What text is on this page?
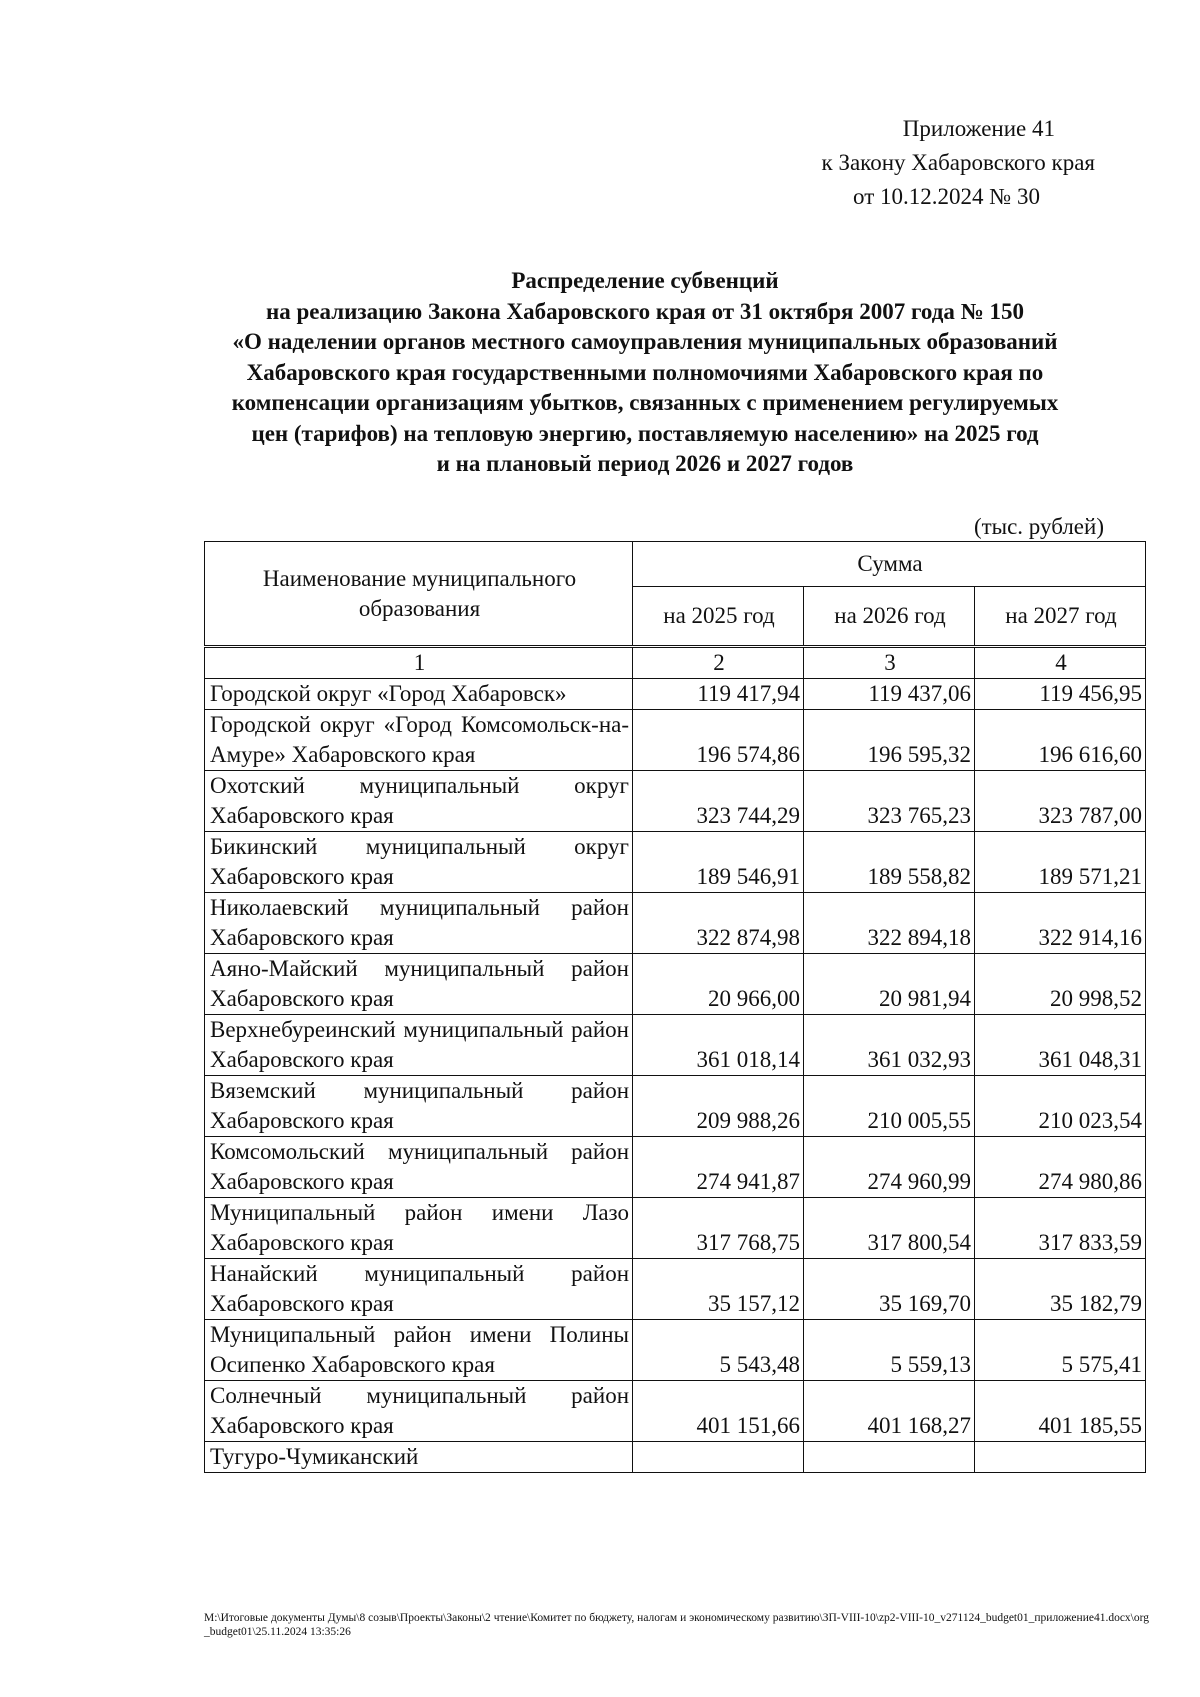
Приложение 41
к Закону Хабаровского края
от 10.12.2024 № 30
Распределение субвенций
на реализацию Закона Хабаровского края от 31 октября 2007 года № 150
«О наделении органов местного самоуправления муниципальных образований
Хабаровского края государственными полномочиями Хабаровского края по
компенсации организациям убытков, связанных с применением регулируемых
цен (тарифов) на тепловую энергию, поставляемую населению» на 2025 год
и на плановый период 2026 и 2027 годов
(тыс. рублей)
Наименование муниципального образования	Сумма		
	на 2025 год	на 2026 год	на 2027 год
1	2	3	4
Городской округ «Город Хабаровск»	119 417,94	119 437,06	119 456,95
Городской округ «Город Комсомольск-на-Амуре» Хабаровского края	196 574,86	196 595,32	196 616,60
Охотский муниципальный округ Хабаровского края	323 744,29	323 765,23	323 787,00
Бикинский муниципальный округ Хабаровского края	189 546,91	189 558,82	189 571,21
Николаевский муниципальный район Хабаровского края	322 874,98	322 894,18	322 914,16
Аяно-Майский муниципальный район Хабаровского края	20 966,00	20 981,94	20 998,52
Верхнебуреинский муниципальный район Хабаровского края	361 018,14	361 032,93	361 048,31
Вяземский муниципальный район Хабаровского края	209 988,26	210 005,55	210 023,54
Комсомольский муниципальный район Хабаровского края	274 941,87	274 960,99	274 980,86
Муниципальный район имени Лазо Хабаровского края	317 768,75	317 800,54	317 833,59
Нанайский муниципальный район Хабаровского края	35 157,12	35 169,70	35 182,79
Муниципальный район имени Полины Осипенко Хабаровского края	5 543,48	5 559,13	5 575,41
Солнечный муниципальный район Хабаровского края	401 151,66	401 168,27	401 185,55
Тугуро-Чумиканский			
M:\Итоговые документы Думы\8 созыв\Проекты\Законы\2 чтение\Комитет по бюджету, налогам и экономическому развитию\ЗП-VIII-10\zp2-VIII-10_v271124_budget01_приложение41.docx\org_budget01\25.11.2024 13:35:26
